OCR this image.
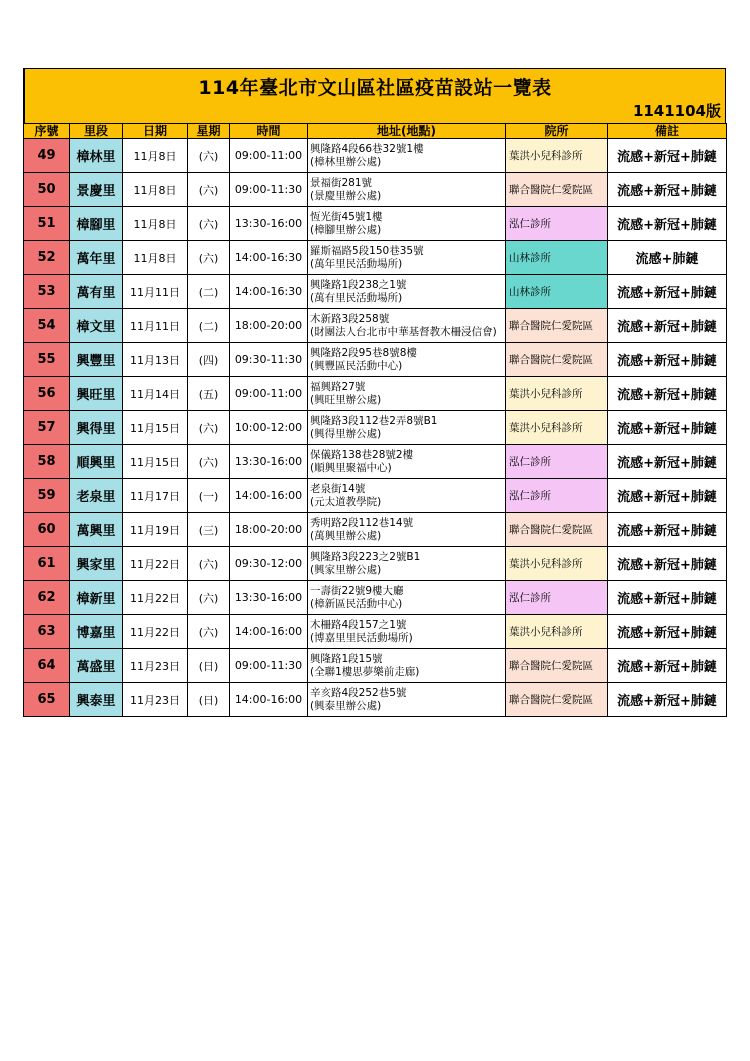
114年臺北市文山區社區疫苗設站一覽表
1141104版
序號	里段	日期	星期	時間	地址(地點)	院所	備註
49	樟林里	11月8日	(六)	09:00-11:00	興隆路4段66巷32號1樓
(樟林里辦公處)	葉洪小兒科診所	流感+新冠+肺鏈
50	景慶里	11月8日	(六)	09:00-11:30	景福街281號
(景慶里辦公處)	聯合醫院仁愛院區	流感+新冠+肺鏈
51	樟腳里	11月8日	(六)	13:30-16:00	恆光街45號1樓
(樟腳里辦公處)	泓仁診所	流感+新冠+肺鏈
52	萬年里	11月8日	(六)	14:00-16:30	羅斯福路5段150巷35號
(萬年里民活動場所)	山林診所	流感+肺鏈
53	萬有里	11月11日	(二)	14:00-16:30	興隆路1段238之1號
(萬有里民活動場所)	山林診所	流感+新冠+肺鏈
54	樟文里	11月11日	(二)	18:00-20:00	木新路3段258號
(財團法人台北市中華基督教木柵浸信會)	聯合醫院仁愛院區	流感+新冠+肺鏈
55	興豐里	11月13日	(四)	09:30-11:30	興隆路2段95巷8號8樓
(興豐區民活動中心)	聯合醫院仁愛院區	流感+新冠+肺鏈
56	興旺里	11月14日	(五)	09:00-11:00	福興路27號
(興旺里辦公處)	葉洪小兒科診所	流感+新冠+肺鏈
57	興得里	11月15日	(六)	10:00-12:00	興隆路3段112巷2弄8號B1
(興得里辦公處)	葉洪小兒科診所	流感+新冠+肺鏈
58	順興里	11月15日	(六)	13:30-16:00	保儀路138巷28號2樓
(順興里聚福中心)	泓仁診所	流感+新冠+肺鏈
59	老泉里	11月17日	(一)	14:00-16:00	老泉街14號
(元太道教學院)	泓仁診所	流感+新冠+肺鏈
60	萬興里	11月19日	(三)	18:00-20:00	秀明路2段112巷14號
(萬興里辦公處)	聯合醫院仁愛院區	流感+新冠+肺鏈
61	興家里	11月22日	(六)	09:30-12:00	興隆路3段223之2號B1
(興家里辦公處)	葉洪小兒科診所	流感+新冠+肺鏈
62	樟新里	11月22日	(六)	13:30-16:00	一壽街22號9樓大廳
(樟新區民活動中心)	泓仁診所	流感+新冠+肺鏈
63	博嘉里	11月22日	(六)	14:00-16:00	木柵路4段157之1號
(博嘉里里民活動場所)	葉洪小兒科診所	流感+新冠+肺鏈
64	萬盛里	11月23日	(日)	09:00-11:30	興隆路1段15號
(全聯1樓思夢樂前走廊)	聯合醫院仁愛院區	流感+新冠+肺鏈
65	興泰里	11月23日	(日)	14:00-16:00	辛亥路4段252巷5號
(興泰里辦公處)	聯合醫院仁愛院區	流感+新冠+肺鏈
